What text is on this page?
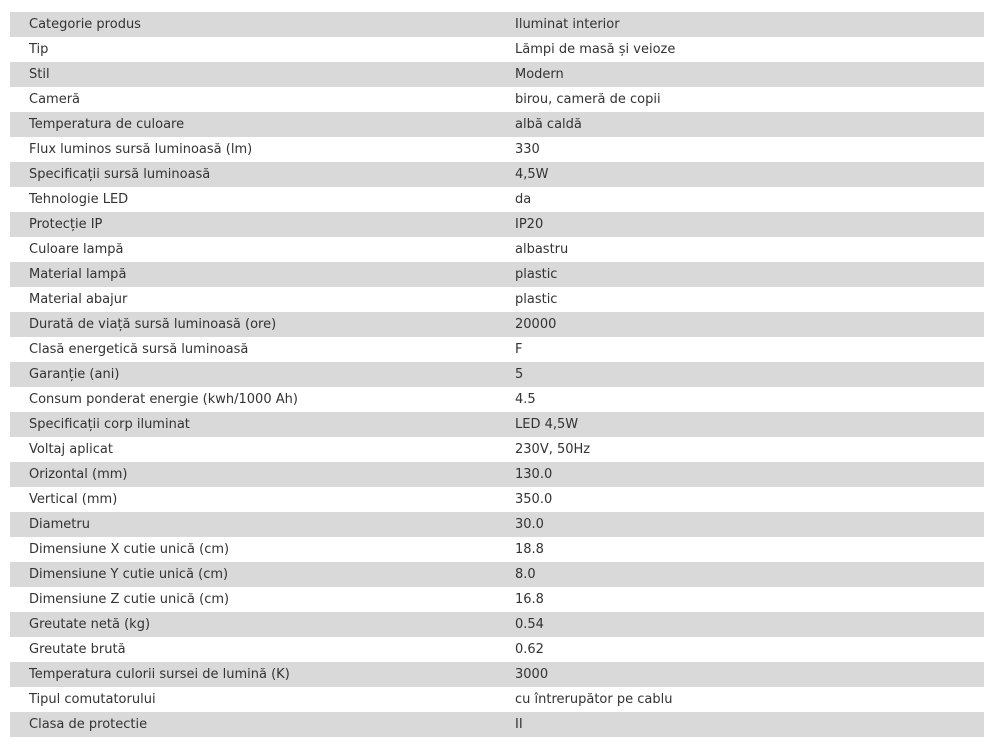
Categorie produs	Iluminat interior
Tip	Lămpi de masă și veioze
Stil	Modern
Cameră	birou, cameră de copii
Temperatura de culoare	albă caldă
Flux luminos sursă luminoasă (lm)	330
Specificații sursă luminoasă	4,5W
Tehnologie LED	da
Protecție IP	IP20
Culoare lampă	albastru
Material lampă	plastic
Material abajur	plastic
Durată de viață sursă luminoasă (ore)	20000
Clasă energetică sursă luminoasă	F
Garanție (ani)	5
Consum ponderat energie (kwh/1000 Ah)	4.5
Specificații corp iluminat	LED 4,5W
Voltaj aplicat	230V, 50Hz
Orizontal (mm)	130.0
Vertical (mm)	350.0
Diametru	30.0
Dimensiune X cutie unică (cm)	18.8
Dimensiune Y cutie unică (cm)	8.0
Dimensiune Z cutie unică (cm)	16.8
Greutate netă (kg)	0.54
Greutate brută	0.62
Temperatura culorii sursei de lumină (K)	3000
Tipul comutatorului	cu întrerupător pe cablu
Clasa de protectie	II
